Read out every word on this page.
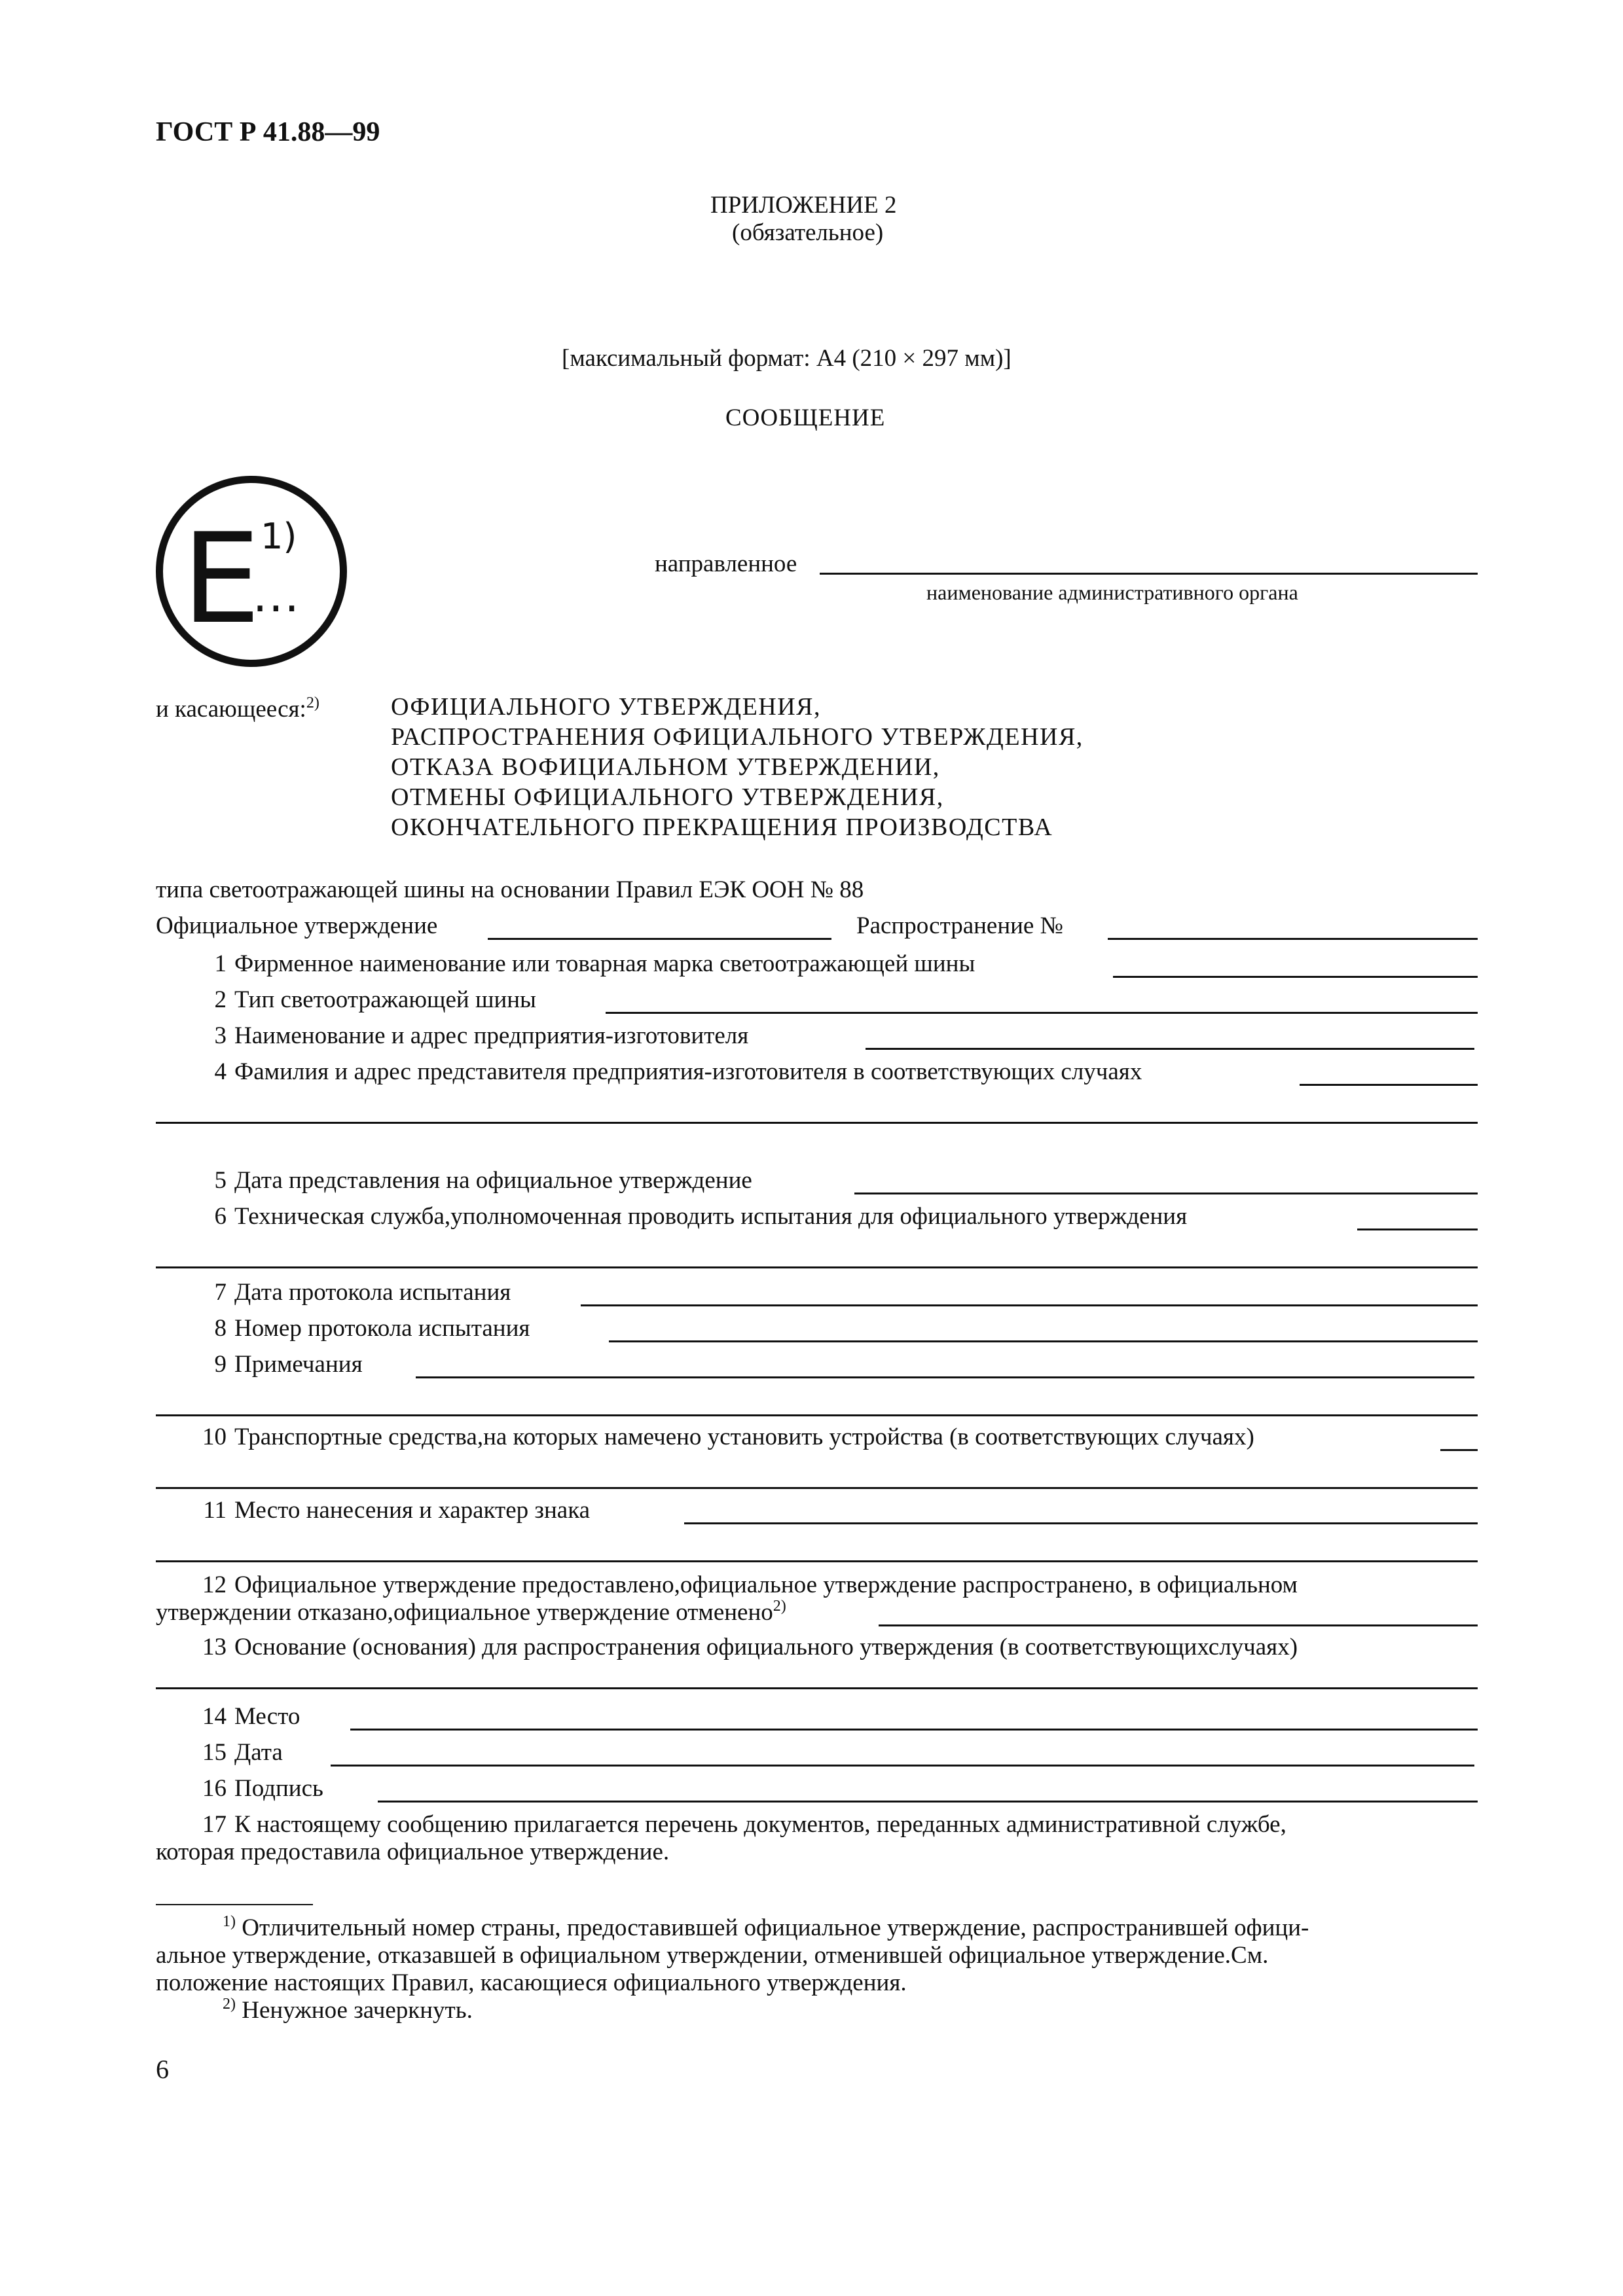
ГОСТ Р 41.88—99
ПРИЛОЖЕНИЕ 2
(обязательное)
[максимальный формат: А4 (210 × 297 мм)]
СООБЩЕНИЕ
E 1)
...
направленное
наименование административного органа
и касающееся:$^{2)}$	ОФИЦИАЛЬНОГО УТВЕРЖДЕНИЯ,
РАСПРОСТРАНЕНИЯ ОФИЦИАЛЬНОГО УТВЕРЖДЕНИЯ,
ОТКАЗА ВОФИЦИАЛЬНОМ УТВЕРЖДЕНИИ,
ОТМЕНЫ ОФИЦИАЛЬНОГО УТВЕРЖДЕНИЯ,
ОКОНЧАТЕЛЬНОГО ПРЕКРАЩЕНИЯ ПРОИЗВОДСТВА
типа светоотражающей шины на основании Правил ЕЭК ООН № 88
Официальное утверждение	Распространение №
1 Фирменное наименование или товарная марка светоотражающей шины
2 Тип светоотражающей шины
3 Наименование и адрес предприятия-изготовителя
4 Фамилия и адрес представителя предприятия-изготовителя в соответствующих случаях
5 Дата представления на официальное утверждение
6 Техническая служба,уполномоченная проводить испытания для официального утверждения
7 Дата протокола испытания
8 Номер протокола испытания
9 Примечания
10 Транспортные средства,на которых намечено установить устройства (в соответствующих случаях)
11 Место нанесения и характер знака
12 Официальное утверждение предоставлено,официальное утверждение распространено, в официальном
утверждении отказано,официальное утверждение отменено$^{2)}$
13 Основание (основания) для распространения официального утверждения (в соответствующихслучаях)
14 Место
15 Дата
16 Подпись
17 К настоящему сообщению прилагается перечень документов, переданных административной службе,
которая предоставила официальное утверждение.
$^{1)}$ Отличительный номер страны, предоставившей официальное утверждение, распространившей офици-
альное утверждение, отказавшей в официальном утверждении, отменившей официальное утверждение.См.
положение настоящих Правил, касающиеся официального утверждения.
$^{2)}$ Ненужное зачеркнуть.
6
